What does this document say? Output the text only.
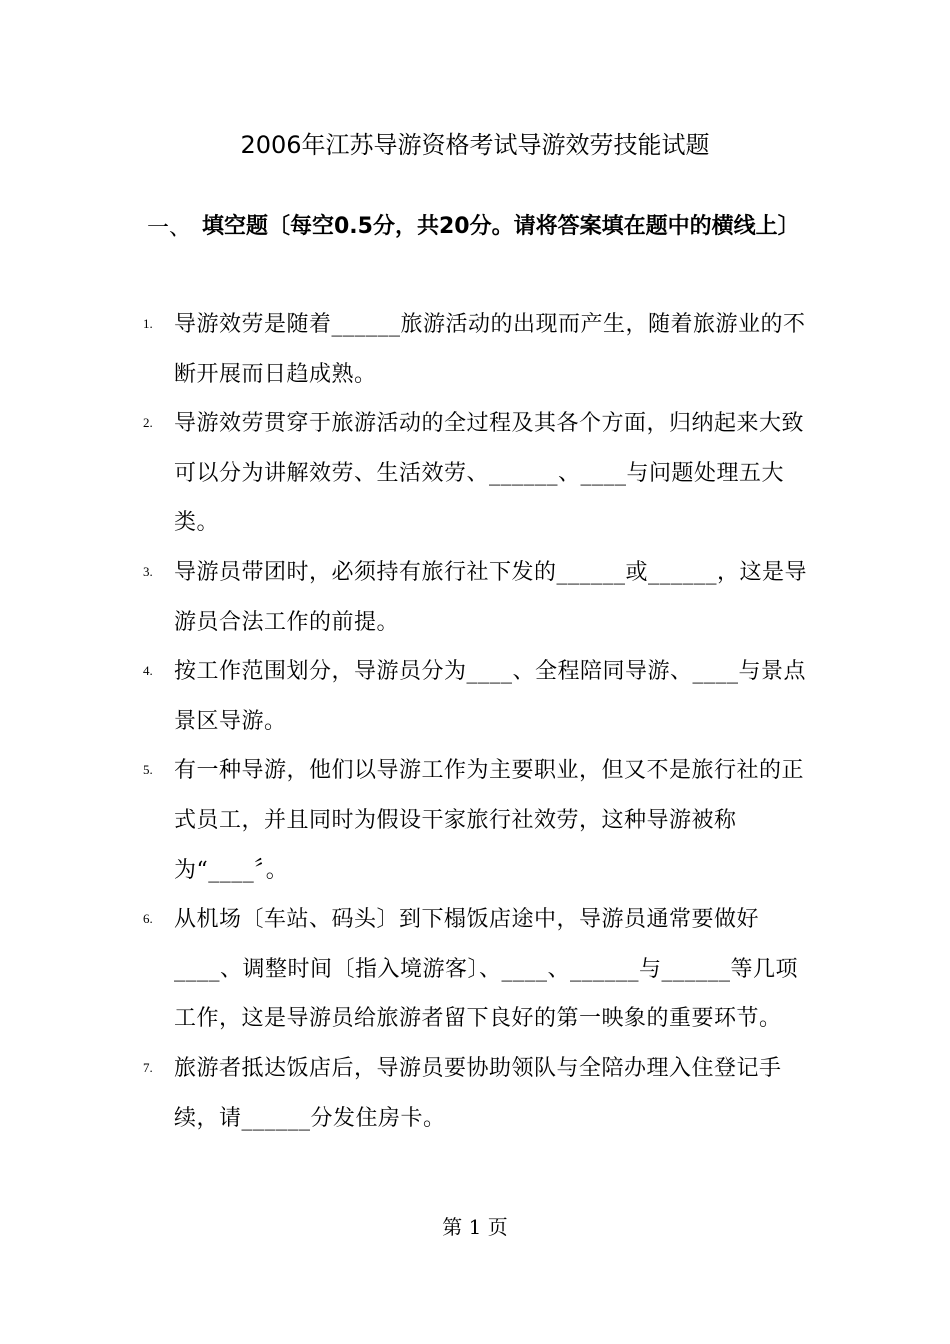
2006年江苏导游资格考试导游效劳技能试题
一、 填空题〔每空0.5分，共20分。请将答案填在题中的横线上〕
1. 导游效劳是随着______旅游活动的出现而产生，随着旅游业的不断开展而日趋成熟。
2. 导游效劳贯穿于旅游活动的全过程及其各个方面，归纳起来大致可以分为讲解效劳、生活效劳、______、____与问题处理五大类。
3. 导游员带团时，必须持有旅行社下发的______或______，这是导游员合法工作的前提。
4. 按工作范围划分，导游员分为____、全程陪同导游、____与景点景区导游。
5. 有一种导游，他们以导游工作为主要职业，但又不是旅行社的正式员工，并且同时为假设干家旅行社效劳，这种导游被称为“____〞。
6. 从机场〔车站、码头〕到下榻饭店途中，导游员通常要做好____、调整时间〔指入境游客〕、____、______与______等几项工作，这是导游员给旅游者留下良好的第一映象的重要环节。
7. 旅游者抵达饭店后，导游员要协助领队与全陪办理入住登记手续，请______分发住房卡。
第 1 页
